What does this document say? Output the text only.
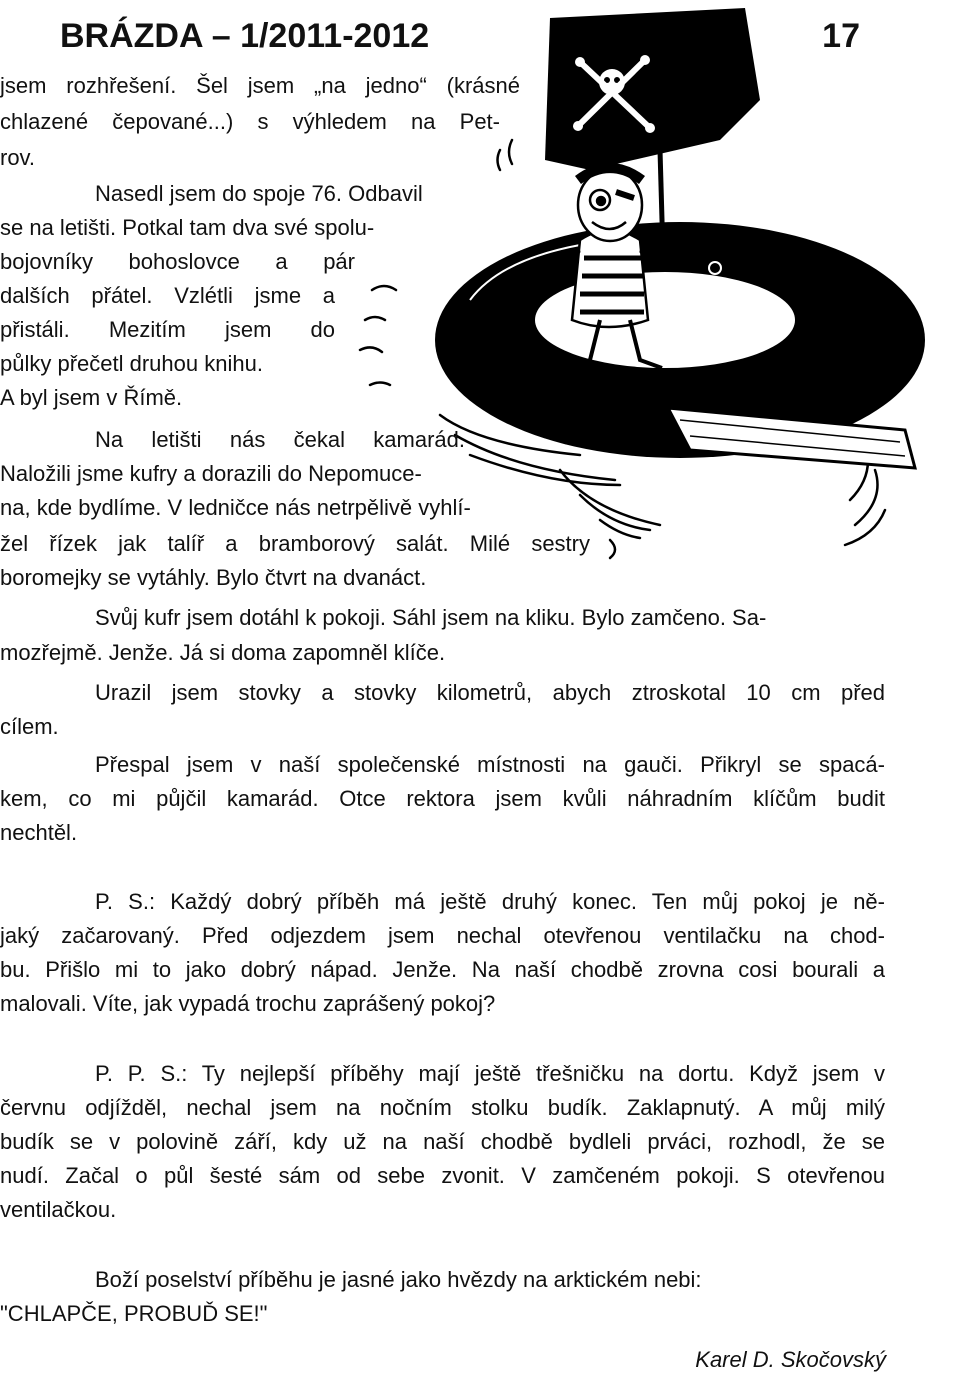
BRÁZDA – 1/2011-2012	17
jsem rozhřešení. Šel jsem „na jedno“ (krásné
chlazené čepované...) s výhledem na Pet-
rov.
Nasedl jsem do spoje 76. Odbavil
se na letišti. Potkal tam dva své spolu-
bojovníky bohoslovce a pár
dalších přátel. Vzlétli jsme a
přistáli. Mezitím jsem do
půlky přečetl druhou knihu.
A byl jsem v Římě.
Na letišti nás čekal kamarád.
Naložili jsme kufry a dorazili do Nepomuce-
na, kde bydlíme. V ledničce nás netrpělivě vyhlí-
žel řízek jak talíř a bramborový salát. Milé sestry
boromejky se vytáhly. Bylo čtvrt na dvanáct.
Svůj kufr jsem dotáhl k pokoji. Sáhl jsem na kliku. Bylo zamčeno. Sa-
mozřejmě. Jenže. Já si doma zapomněl klíče.
Urazil jsem stovky a stovky kilometrů, abych ztroskotal 10 cm před
cílem.
Přespal jsem v naší společenské místnosti na gauči. Přikryl se spacá-
kem, co mi půjčil kamarád. Otce rektora jsem kvůli náhradním klíčům budit
nechtěl.
P. S.: Každý dobrý příběh má ještě druhý konec. Ten můj pokoj je ně-
jaký začarovaný. Před odjezdem jsem nechal otevřenou ventilačku na chod-
bu. Přišlo mi to jako dobrý nápad. Jenže. Na naší chodbě zrovna cosi bourali a
malovali. Víte, jak vypadá trochu zaprášený pokoj?
P. P. S.: Ty nejlepší příběhy mají ještě třešničku na dortu. Když jsem v
červnu odjížděl, nechal jsem na nočním stolku budík. Zaklapnutý. A můj milý
budík se v polovině září, kdy už na naší chodbě bydleli prváci, rozhodl, že se
nudí. Začal o půl šesté sám od sebe zvonit. V zamčeném pokoji. S otevřenou
ventilačkou.
Boží poselství příběhu je jasné jako hvězdy na arktickém nebi:
"CHLAPČE, PROBUĎ SE!"
Karel D. Skočovský
